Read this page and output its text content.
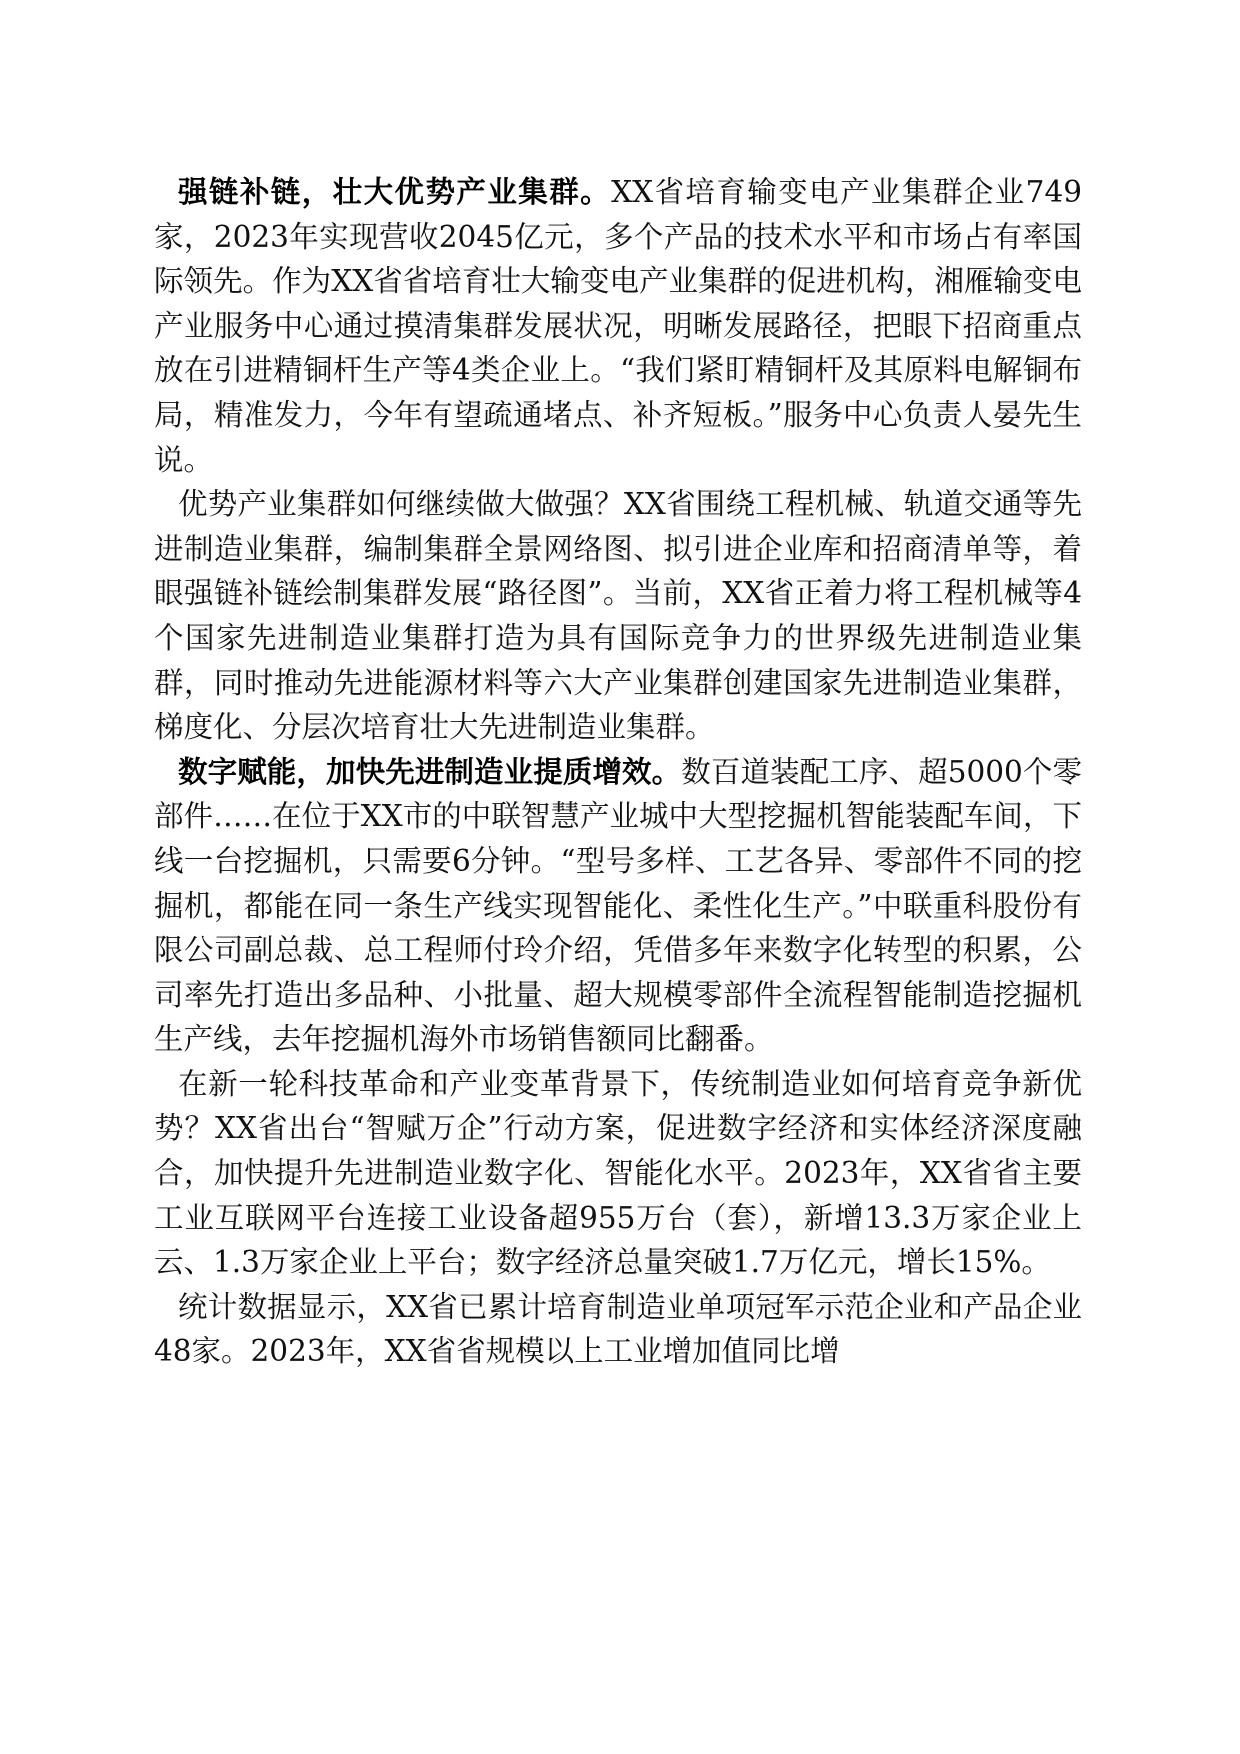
强链补链，壮大优势产业集群。XX省培育输变电产业集群企业749家，2023年实现营收2045亿元，多个产品的技术水平和市场占有率国际领先。作为XX省省培育壮大输变电产业集群的促进机构，湘雁输变电产业服务中心通过摸清集群发展状况，明晰发展路径，把眼下招商重点放在引进精铜杆生产等4类企业上。“我们紧盯精铜杆及其原料电解铜布局，精准发力，今年有望疏通堵点、补齐短板。”服务中心负责人晏先生说。

优势产业集群如何继续做大做强？XX省围绕工程机械、轨道交通等先进制造业集群，编制集群全景网络图、拟引进企业库和招商清单等，着眼强链补链绘制集群发展“路径图”。当前，XX省正着力将工程机械等4个国家先进制造业集群打造为具有国际竞争力的世界级先进制造业集群，同时推动先进能源材料等六大产业集群创建国家先进制造业集群，梯度化、分层次培育壮大先进制造业集群。

数字赋能，加快先进制造业提质增效。数百道装配工序、超5000个零部件……在位于XX市的中联智慧产业城中大型挖掘机智能装配车间，下线一台挖掘机，只需要6分钟。“型号多样、工艺各异、零部件不同的挖掘机，都能在同一条生产线实现智能化、柔性化生产。”中联重科股份有限公司副总裁、总工程师付玲介绍，凭借多年来数字化转型的积累，公司率先打造出多品种、小批量、超大规模零部件全流程智能制造挖掘机生产线，去年挖掘机海外市场销售额同比翻番。

在新一轮科技革命和产业变革背景下，传统制造业如何培育竞争新优势？XX省出台“智赋万企”行动方案，促进数字经济和实体经济深度融合，加快提升先进制造业数字化、智能化水平。2023年，XX省省主要工业互联网平台连接工业设备超955万台（套），新增13.3万家企业上云、1.3万家企业上平台；数字经济总量突破1.7万亿元，增长15%。

统计数据显示，XX省已累计培育制造业单项冠军示范企业和产品企业48家。2023年，XX省省规模以上工业增加值同比增
